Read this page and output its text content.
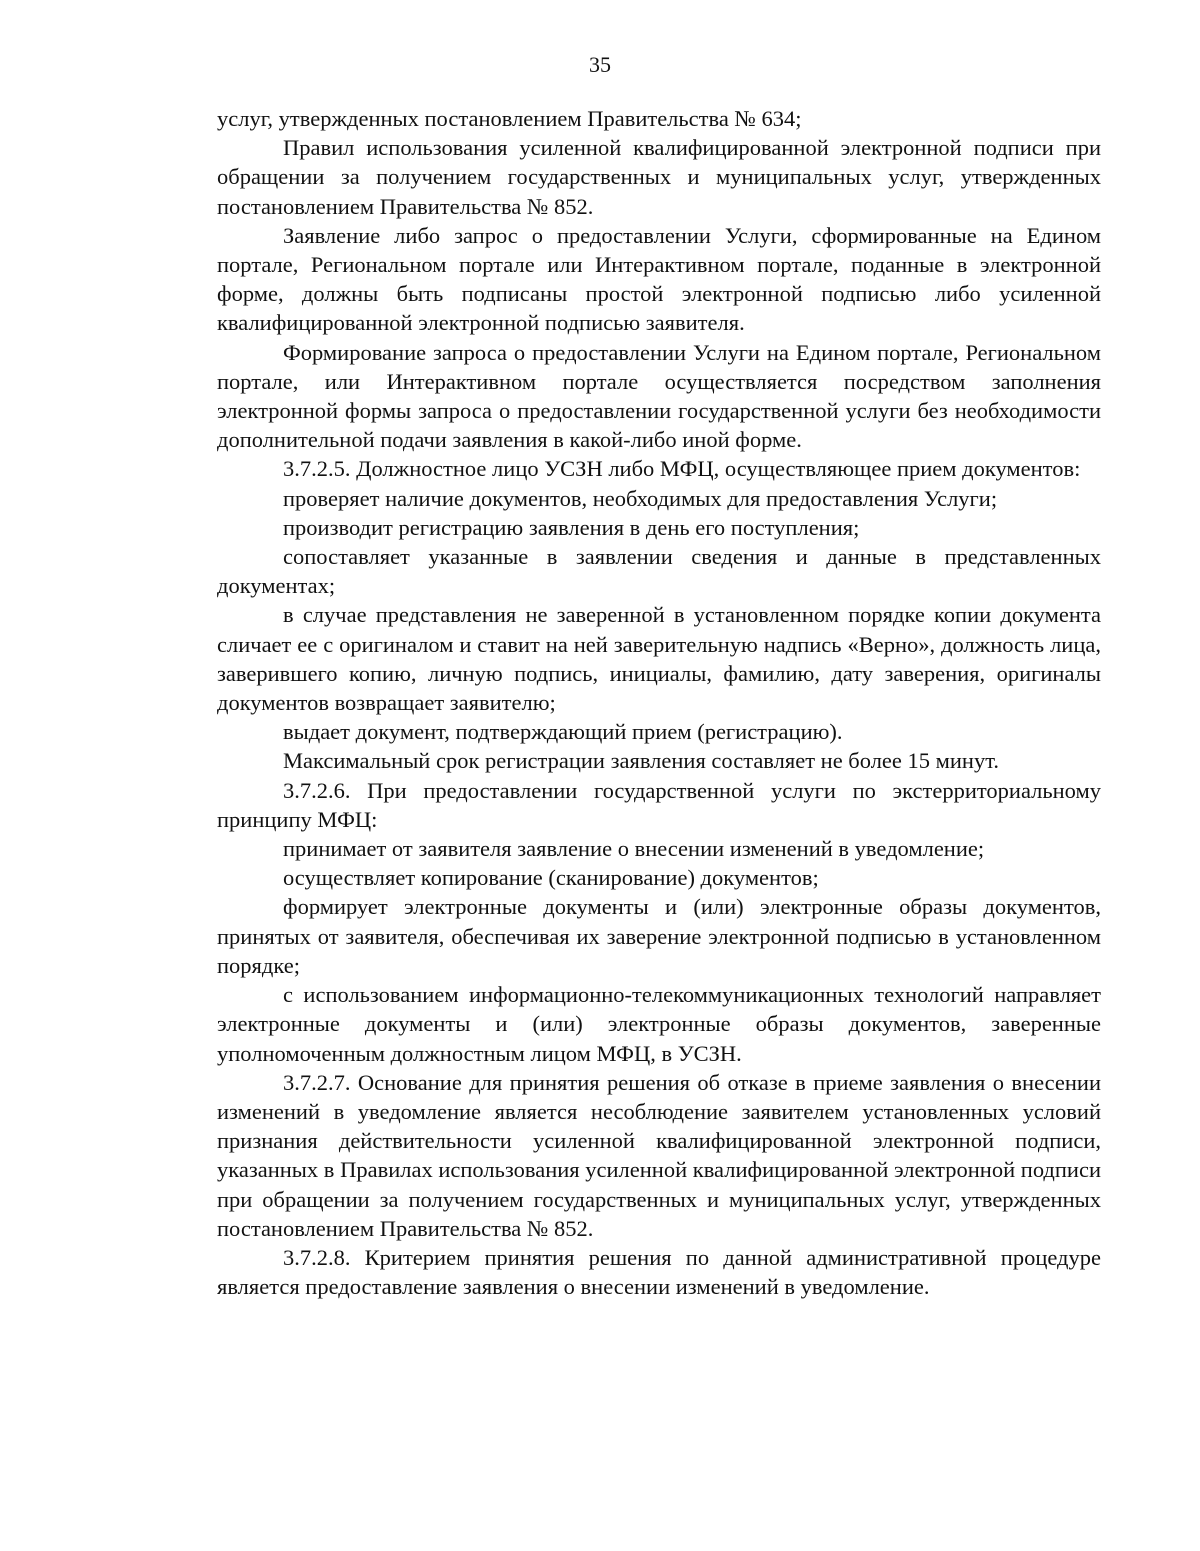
35

услуг, утвержденных постановлением Правительства № 634;

Правил использования усиленной квалифицированной электронной подписи при обращении за получением государственных и муниципальных услуг, утвержденных постановлением Правительства № 852.

Заявление либо запрос о предоставлении Услуги, сформированные на Едином портале, Региональном портале или Интерактивном портале, поданные в электронной форме, должны быть подписаны простой электронной подписью либо усиленной квалифицированной электронной подписью заявителя.

Формирование запроса о предоставлении Услуги на Едином портале, Региональном портале, или Интерактивном портале осуществляется посредством заполнения электронной формы запроса о предоставлении государственной услуги без необходимости дополнительной подачи заявления в какой-либо иной форме.

3.7.2.5. Должностное лицо УСЗН либо МФЦ, осуществляющее прием документов:

проверяет наличие документов, необходимых для предоставления Услуги;

производит регистрацию заявления в день его поступления;

сопоставляет указанные в заявлении сведения и данные в представленных документах;

в случае представления не заверенной в установленном порядке копии документа сличает ее с оригиналом и ставит на ней заверительную надпись «Верно», должность лица, заверившего копию, личную подпись, инициалы, фамилию, дату заверения, оригиналы документов возвращает заявителю;

выдает документ, подтверждающий прием (регистрацию).

Максимальный срок регистрации заявления составляет не более 15 минут.

3.7.2.6. При предоставлении государственной услуги по экстерриториальному принципу МФЦ:

принимает от заявителя заявление о внесении изменений в уведомление;

осуществляет копирование (сканирование) документов;

формирует электронные документы и (или) электронные образы документов, принятых от заявителя, обеспечивая их заверение электронной подписью в установленном порядке;

с использованием информационно-телекоммуникационных технологий направляет электронные документы и (или) электронные образы документов, заверенные уполномоченным должностным лицом МФЦ, в УСЗН.

3.7.2.7. Основание для принятия решения об отказе в приеме заявления о внесении изменений в уведомление является несоблюдение заявителем установленных условий признания действительности усиленной квалифицированной электронной подписи, указанных в Правилах использования усиленной квалифицированной электронной подписи при обращении за получением государственных и муниципальных услуг, утвержденных постановлением Правительства № 852.

3.7.2.8. Критерием принятия решения по данной административной процедуре является предоставление заявления о внесении изменений в уведомление.
